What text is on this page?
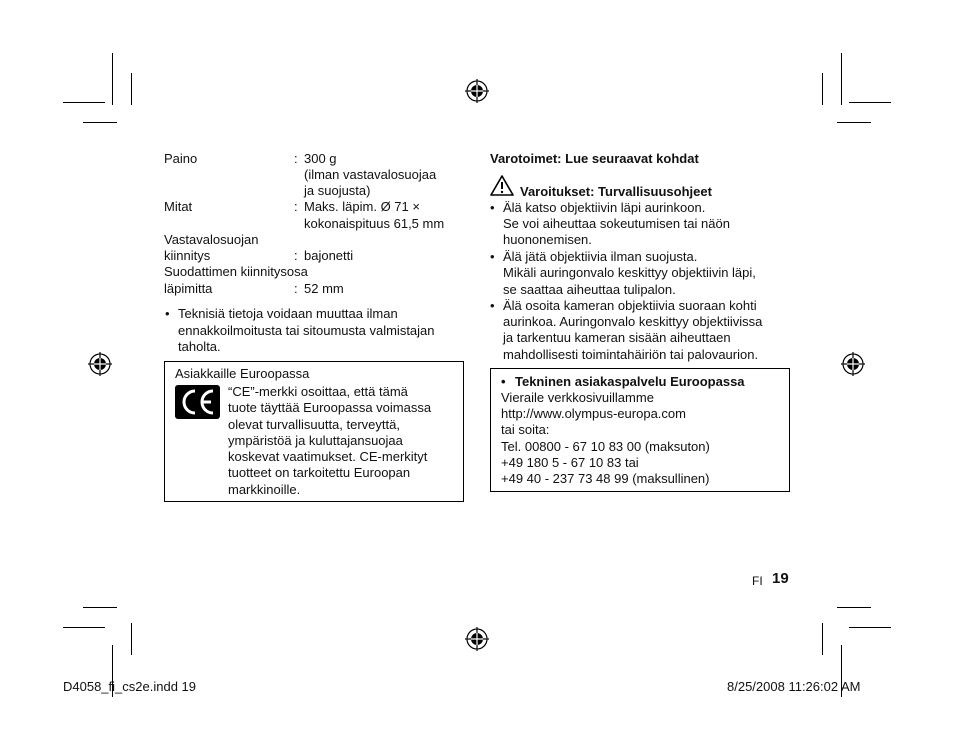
Paino	: 300 g
(ilman vastavalosuojaa
ja suojusta)
Mitat	: Maks. läpim. Ø 71 ×
kokonaispituus 61,5 mm
Vastavalosuojan
kiinnitys	: bajonetti
Suodattimen kiinnitysosa
läpimitta	: 52 mm
• Teknisiä tietoja voidaan muuttaa ilman
ennakkoilmoitusta tai sitoumusta valmistajan
taholta.
Asiakkaille Euroopassa
“CE”-merkki osoittaa, että tämä
tuote täyttää Euroopassa voimassa
olevat turvallisuutta, terveyttä,
ympäristöä ja kuluttajansuojaa
koskevat vaatimukset. CE-merkityt
tuotteet on tarkoitettu Euroopan
markkinoille.
Varotoimet: Lue seuraavat kohdat
Varoitukset: Turvallisuusohjeet
• Älä katso objektiivin läpi aurinkoon.
Se voi aiheuttaa sokeutumisen tai näön
huononemisen.
• Älä jätä objektiivia ilman suojusta.
Mikäli auringonvalo keskittyy objektiivin läpi,
se saattaa aiheuttaa tulipalon.
• Älä osoita kameran objektiivia suoraan kohti
aurinkoa. Auringonvalo keskittyy objektiivissa
ja tarkentuu kameran sisään aiheuttaen
mahdollisesti toimintahäiriön tai palovaurion.
• Tekninen asiakaspalvelu Euroopassa
Vieraile verkkosivuillamme
http://www.olympus-europa.com
tai soita:
Tel. 00800 - 67 10 83 00 (maksuton)
+49 180 5 - 67 10 83 tai
+49 40 - 237 73 48 99 (maksullinen)
FI 19
D4058_fi_cs2e.indd 19	8/25/2008 11:26:02 AM
